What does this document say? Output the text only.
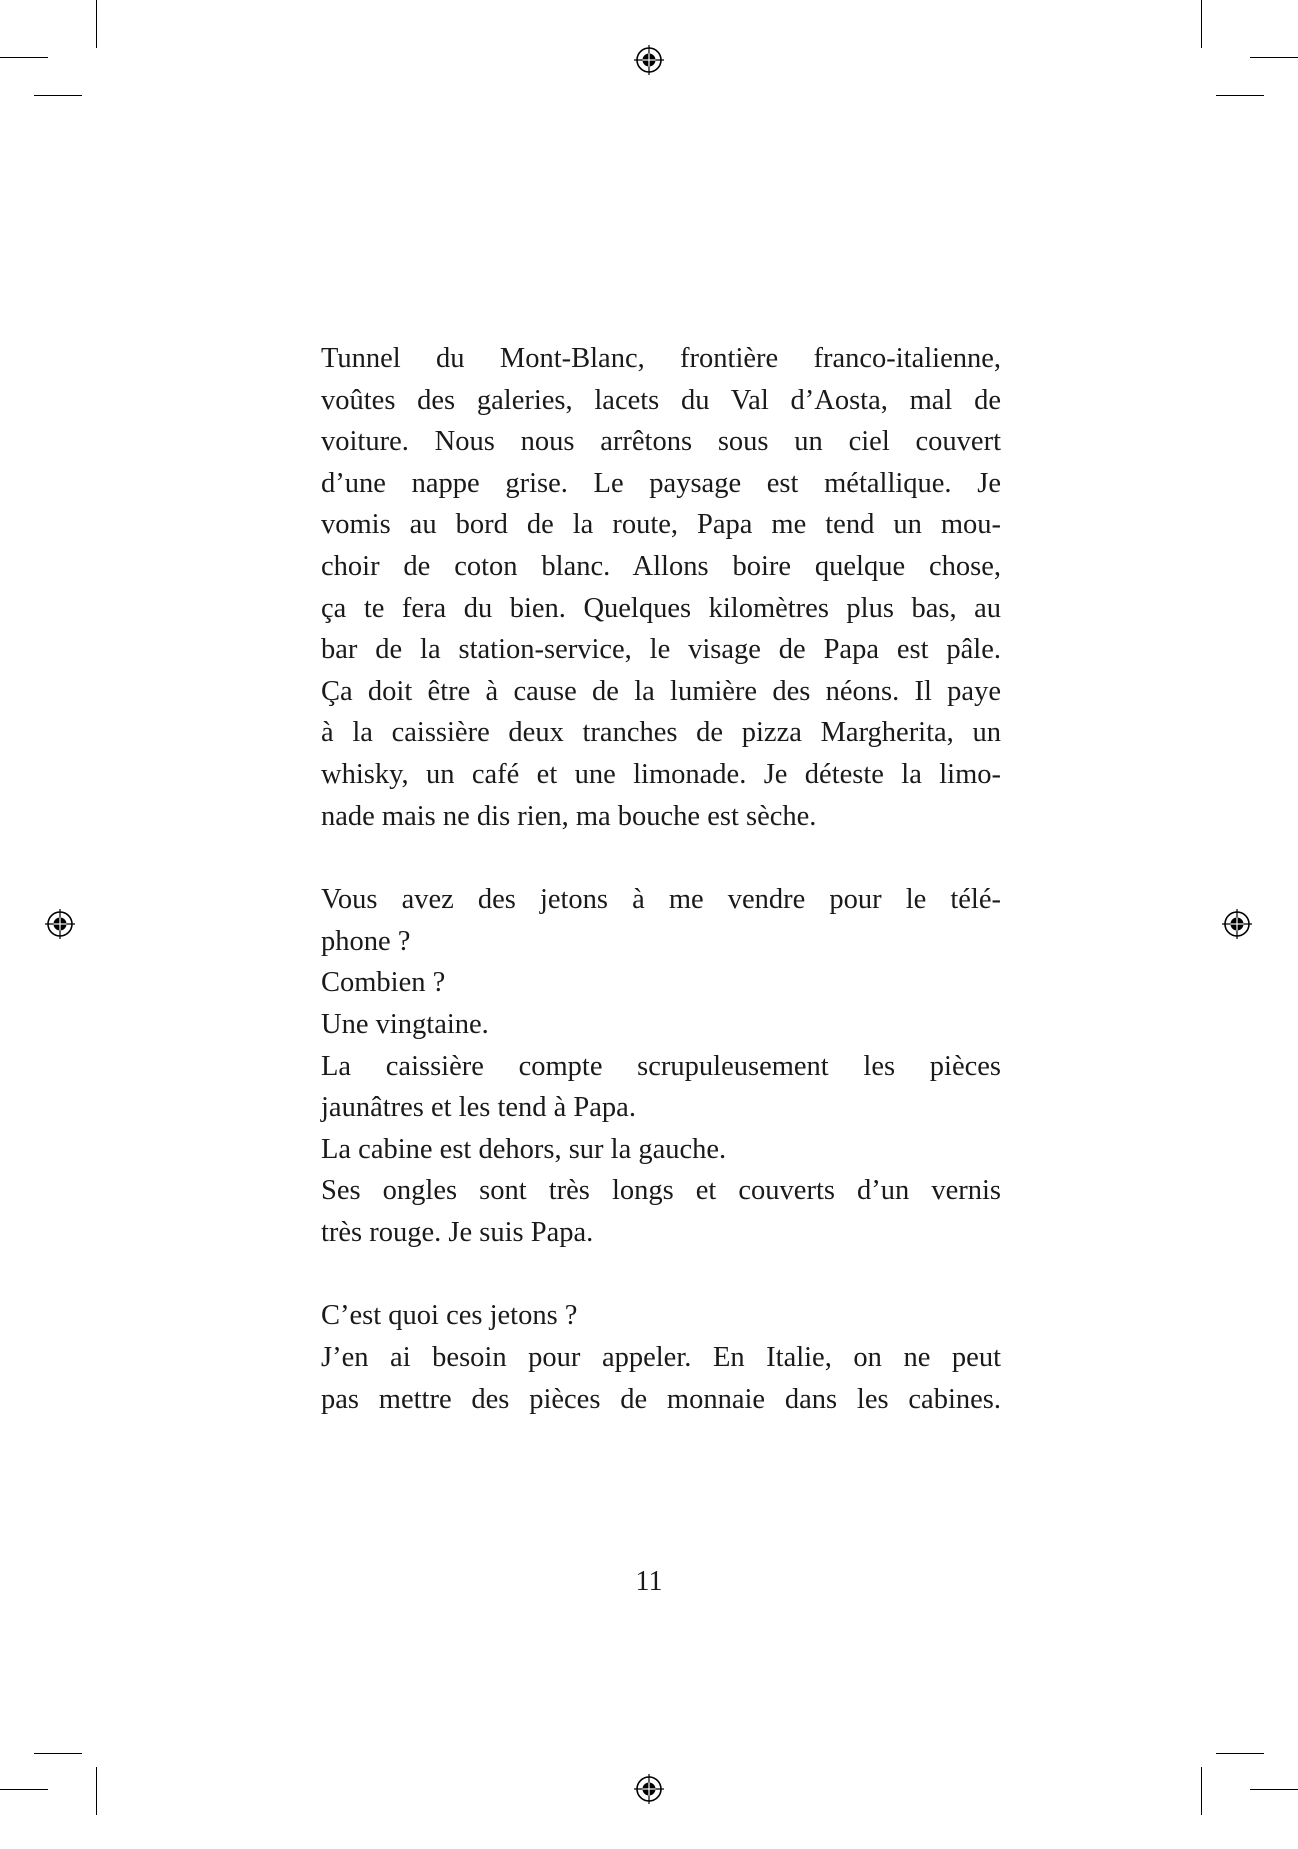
Tunnel du Mont-Blanc, frontière franco-italienne,
voûtes des galeries, lacets du Val d’Aosta, mal de
voiture. Nous nous arrêtons sous un ciel couvert
d’une nappe grise. Le paysage est métallique. Je
vomis au bord de la route, Papa me tend un mou-
choir de coton blanc. Allons boire quelque chose,
ça te fera du bien. Quelques kilomètres plus bas, au
bar de la station-service, le visage de Papa est pâle.
Ça doit être à cause de la lumière des néons. Il paye
à la caissière deux tranches de pizza Margherita, un
whisky, un café et une limonade. Je déteste la limo-
nade mais ne dis rien, ma bouche est sèche.

Vous avez des jetons à me vendre pour le télé-
phone ?
Combien ?
Une vingtaine.
La caissière compte scrupuleusement les pièces
jaunâtres et les tend à Papa.
La cabine est dehors, sur la gauche.
Ses ongles sont très longs et couverts d’un vernis
très rouge. Je suis Papa.

C’est quoi ces jetons ?
J’en ai besoin pour appeler. En Italie, on ne peut
pas mettre des pièces de monnaie dans les cabines.

11
